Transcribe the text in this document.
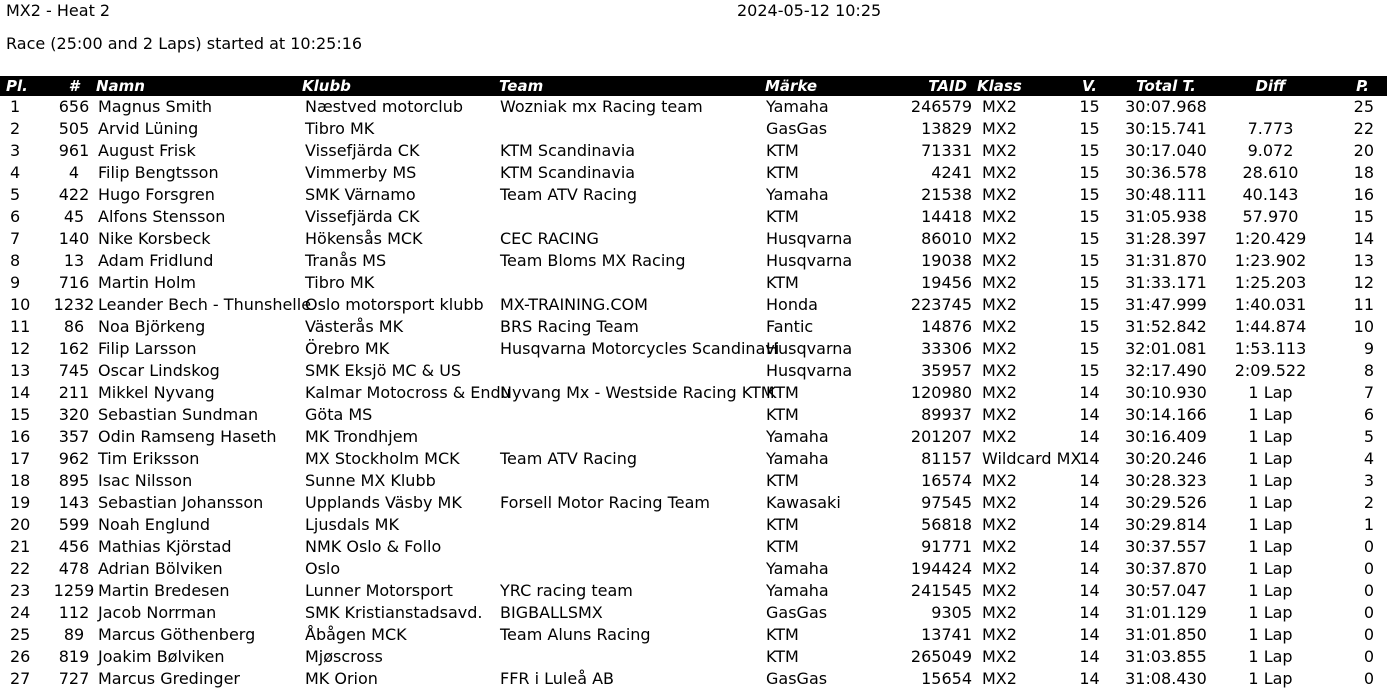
MX2 - Heat 2	2024-05-12 10:25
Race (25:00 and 2 Laps) started at 10:25:16
Pl.	#	Namn	Klubb	Team	Märke	TAID	Klass	V.	Total T.	Diff	P.
1	656	Magnus Smith	Næstved motorclub	Wozniak mx Racing team	Yamaha	246579	MX2	15	30:07.968		25
2	505	Arvid Lüning	Tibro MK		GasGas	13829	MX2	15	30:15.741	7.773	22
3	961	August Frisk	Vissefjärda CK	KTM Scandinavia	KTM	71331	MX2	15	30:17.040	9.072	20
4	4	Filip Bengtsson	Vimmerby MS	KTM Scandinavia	KTM	4241	MX2	15	30:36.578	28.610	18
5	422	Hugo Forsgren	SMK Värnamo	Team ATV Racing	Yamaha	21538	MX2	15	30:48.111	40.143	16
6	45	Alfons Stensson	Vissefjärda CK		KTM	14418	MX2	15	31:05.938	57.970	15
7	140	Nike Korsbeck	Hökensås MCK	CEC RACING	Husqvarna	86010	MX2	15	31:28.397	1:20.429	14
8	13	Adam Fridlund	Tranås MS	Team Bloms MX Racing	Husqvarna	19038	MX2	15	31:31.870	1:23.902	13
9	716	Martin Holm	Tibro MK		KTM	19456	MX2	15	31:33.171	1:25.203	12
10	1232	Leander Bech - Thunshelle	Oslo motorsport klubb	MX-TRAINING.COM	Honda	223745	MX2	15	31:47.999	1:40.031	11
11	86	Noa Björkeng	Västerås MK	BRS Racing Team	Fantic	14876	MX2	15	31:52.842	1:44.874	10
12	162	Filip Larsson	Örebro MK	Husqvarna Motorcycles Scandinavi	Husqvarna	33306	MX2	15	32:01.081	1:53.113	9
13	745	Oscar Lindskog	SMK Eksjö MC & US		Husqvarna	35957	MX2	15	32:17.490	2:09.522	8
14	211	Mikkel Nyvang	Kalmar Motocross & Endu	Nyvang Mx - Westside Racing KTM	KTM	120980	MX2	14	30:10.930	1 Lap	7
15	320	Sebastian Sundman	Göta MS		KTM	89937	MX2	14	30:14.166	1 Lap	6
16	357	Odin Ramseng Haseth	MK Trondhjem		Yamaha	201207	MX2	14	30:16.409	1 Lap	5
17	962	Tim Eriksson	MX Stockholm MCK	Team ATV Racing	Yamaha	81157	Wildcard MX	14	30:20.246	1 Lap	4
18	895	Isac Nilsson	Sunne MX Klubb		KTM	16574	MX2	14	30:28.323	1 Lap	3
19	143	Sebastian Johansson	Upplands Väsby MK	Forsell Motor Racing Team	Kawasaki	97545	MX2	14	30:29.526	1 Lap	2
20	599	Noah Englund	Ljusdals MK		KTM	56818	MX2	14	30:29.814	1 Lap	1
21	456	Mathias Kjörstad	NMK Oslo & Follo		KTM	91771	MX2	14	30:37.557	1 Lap	0
22	478	Adrian Bölviken	Oslo		Yamaha	194424	MX2	14	30:37.870	1 Lap	0
23	1259	Martin Bredesen	Lunner Motorsport	YRC racing team	Yamaha	241545	MX2	14	30:57.047	1 Lap	0
24	112	Jacob Norrman	SMK Kristianstadsavd.	BIGBALLSMX	GasGas	9305	MX2	14	31:01.129	1 Lap	0
25	89	Marcus Göthenberg	Åbågen MCK	Team Aluns Racing	KTM	13741	MX2	14	31:01.850	1 Lap	0
26	819	Joakim Bølviken	Mjøscross		KTM	265049	MX2	14	31:03.855	1 Lap	0
27	727	Marcus Gredinger	MK Orion	FFR i Luleå AB	GasGas	15654	MX2	14	31:08.430	1 Lap	0
